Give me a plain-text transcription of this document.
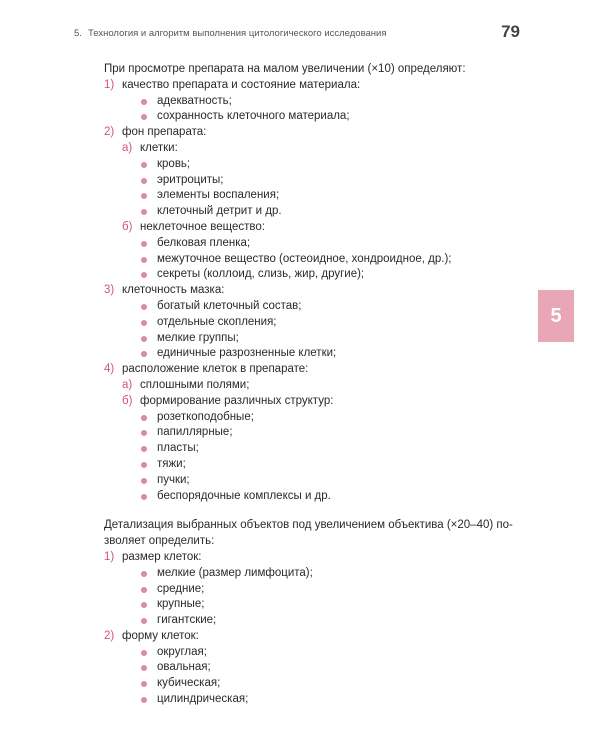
5. Технология и алгоритм выполнения цитологического исследования	79
5
При просмотре препарата на малом увеличении (×10) определяют:
1) качество препарата и состояние материала:
адекватность;
сохранность клеточного материала;
2) фон препарата:
а) клетки:
кровь;
эритроциты;
элементы воспаления;
клеточный детрит и др.
б) неклеточное вещество:
белковая пленка;
межуточное вещество (остеоидное, хондроидное, др.);
секреты (коллоид, слизь, жир, другие);
3) клеточность мазка:
богатый клеточный состав;
отдельные скопления;
мелкие группы;
единичные разрозненные клетки;
4) расположение клеток в препарате:
а) сплошными полями;
б) формирование различных структур:
розеткоподобные;
папиллярные;
пласты;
тяжи;
пучки;
беспорядочные комплексы и др.
Детализация выбранных объектов под увеличением объектива (×20–40) по-
зволяет определить:
1) размер клеток:
мелкие (размер лимфоцита);
средние;
крупные;
гигантские;
2) форму клеток:
округлая;
овальная;
кубическая;
цилиндрическая;
